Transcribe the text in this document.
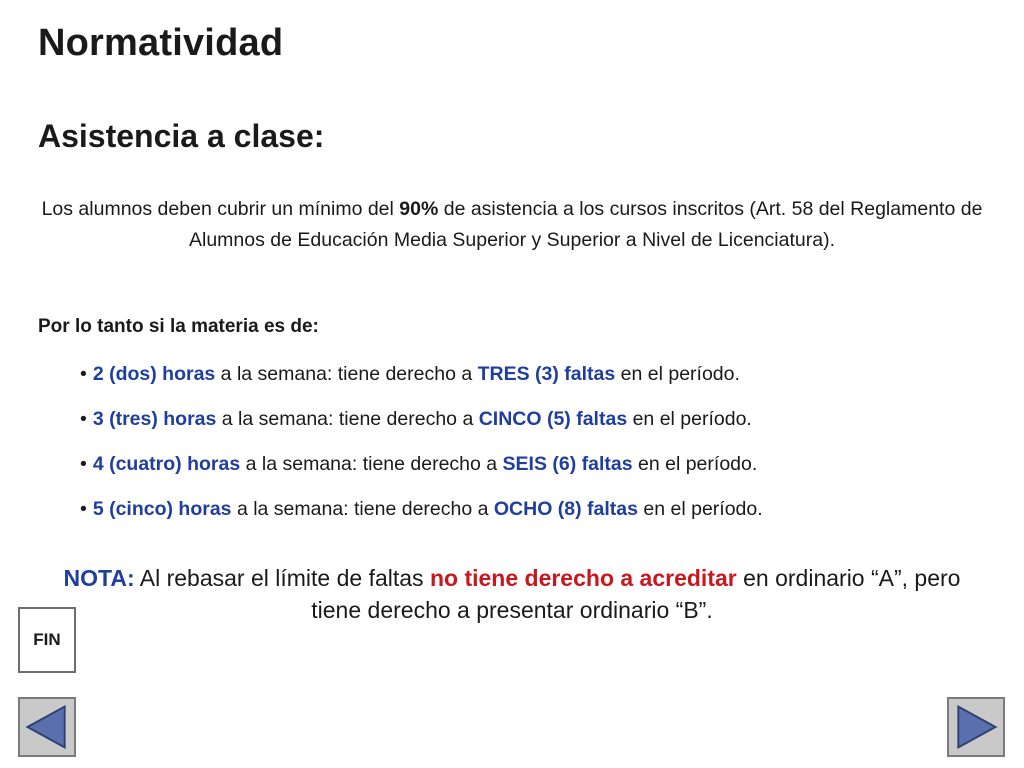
Normatividad
Asistencia a clase:
Los alumnos deben cubrir un mínimo del 90% de asistencia a los cursos inscritos (Art. 58 del Reglamento de Alumnos de Educación Media Superior y Superior a Nivel de Licenciatura).
Por lo tanto si la materia es de:
• 2 (dos) horas a la semana: tiene derecho a TRES (3) faltas en el período.
• 3 (tres) horas a la semana: tiene derecho a CINCO (5) faltas en el período.
• 4 (cuatro) horas a la semana: tiene derecho a SEIS (6) faltas en el período.
• 5 (cinco) horas a la semana: tiene derecho a OCHO (8) faltas en el período.
NOTA: Al rebasar el límite de faltas no tiene derecho a acreditar en ordinario “A”, pero tiene derecho a presentar ordinario “B”.
FIN
